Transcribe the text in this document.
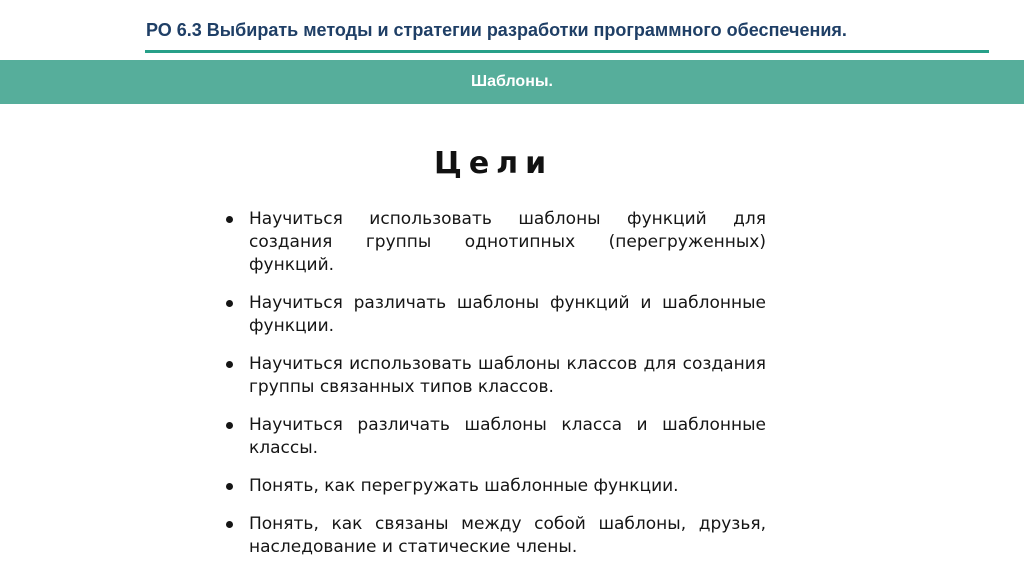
РО 6.3 Выбирать методы и стратегии разработки программного обеспечения.
Шаблоны.
Цели
Научиться использовать шаблоны функций для создания группы однотипных (перегруженных) функций.
Научиться различать шаблоны функций и шаблонные функции.
Научиться использовать шаблоны классов для создания группы связанных типов классов.
Научиться различать шаблоны класса и шаблонные классы.
Понять, как перегружать шаблонные функции.
Понять, как связаны между собой шаблоны, друзья, наследование и статические члены.
